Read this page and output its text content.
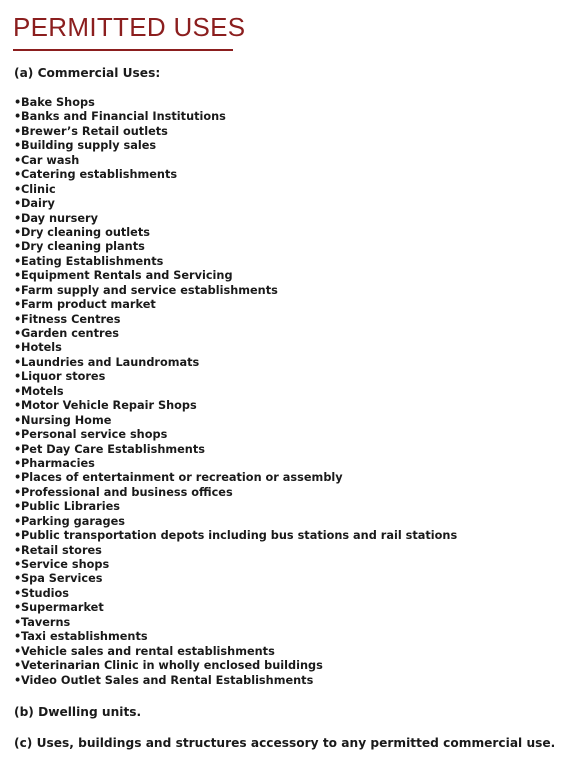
PERMITTED USES
(a) Commercial Uses:
•Bake Shops
•Banks and Financial Institutions
•Brewer’s Retail outlets
•Building supply sales
•Car wash
•Catering establishments
•Clinic
•Dairy
•Day nursery
•Dry cleaning outlets
•Dry cleaning plants
•Eating Establishments
•Equipment Rentals and Servicing
•Farm supply and service establishments
•Farm product market
•Fitness Centres
•Garden centres
•Hotels
•Laundries and Laundromats
•Liquor stores
•Motels
•Motor Vehicle Repair Shops
•Nursing Home
•Personal service shops
•Pet Day Care Establishments
•Pharmacies
•Places of entertainment or recreation or assembly
•Professional and business offices
•Public Libraries
•Parking garages
•Public transportation depots including bus stations and rail stations
•Retail stores
•Service shops
•Spa Services
•Studios
•Supermarket
•Taverns
•Taxi establishments
•Vehicle sales and rental establishments
•Veterinarian Clinic in wholly enclosed buildings
•Video Outlet Sales and Rental Establishments
(b) Dwelling units.
(c) Uses, buildings and structures accessory to any permitted commercial use.
